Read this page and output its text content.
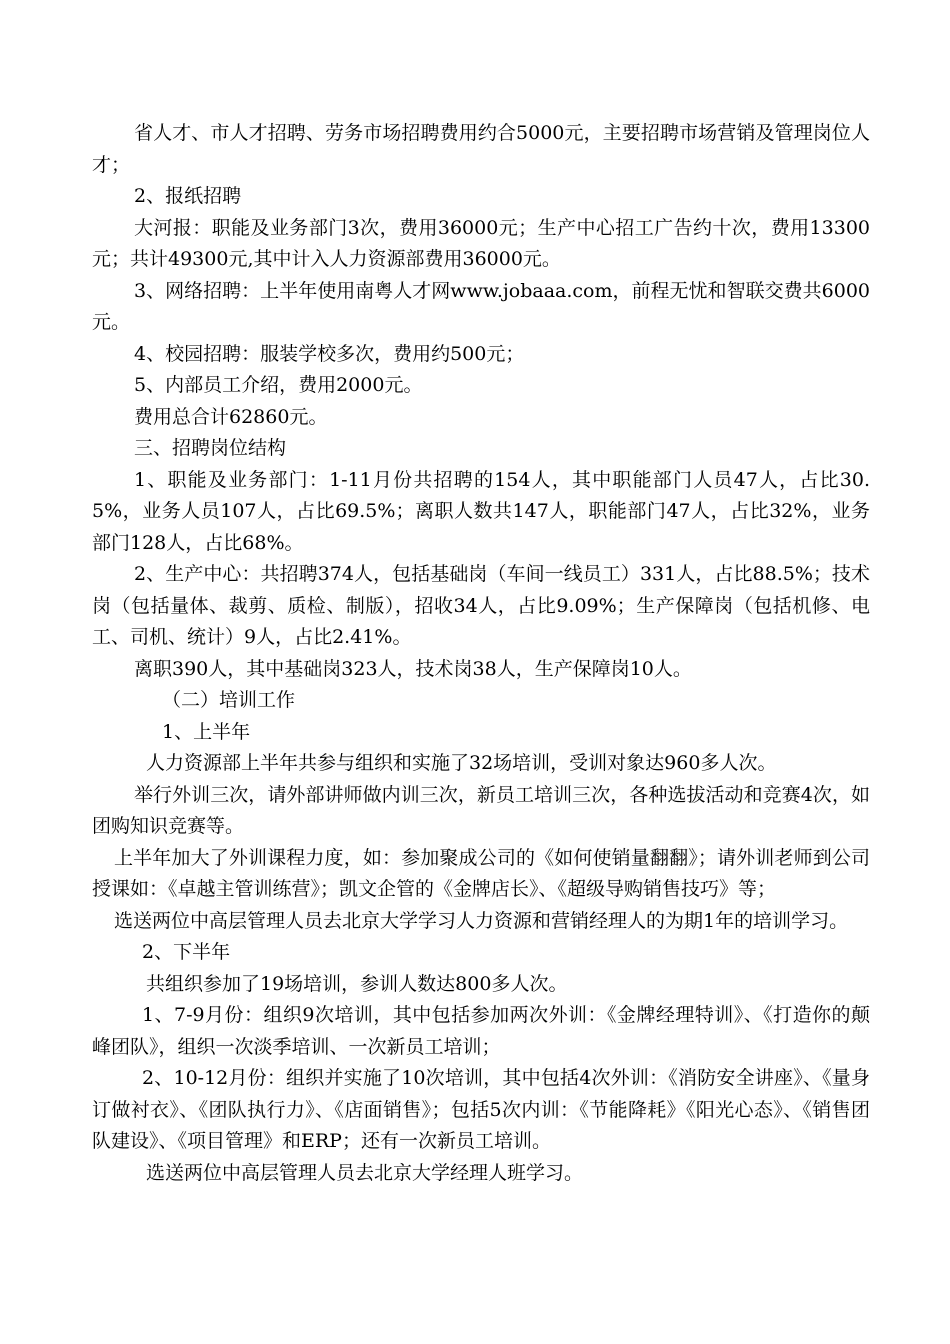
省人才、市人才招聘、劳务市场招聘费用约合5000元，主要招聘市场营销及管理岗位人才；

2、报纸招聘

大河报：职能及业务部门3次，费用36000元；生产中心招工广告约十次，费用13300元；共计49300元,其中计入人力资源部费用36000元。

3、网络招聘：上半年使用南粤人才网www.jobaaa.com，前程无忧和智联交费共6000元。

4、校园招聘：服装学校多次，费用约500元；

5、内部员工介绍，费用2000元。

费用总合计62860元。

三、招聘岗位结构

1、职能及业务部门：1-11月份共招聘的154人，其中职能部门人员47人，占比30.5%，业务人员107人，占比69.5%；离职人数共147人，职能部门47人，占比32%，业务部门128人，占比68%。

2、生产中心：共招聘374人，包括基础岗（车间一线员工）331人，占比88.5%；技术岗（包括量体、裁剪、质检、制版），招收34人，占比9.09%；生产保障岗（包括机修、电工、司机、统计）9人，占比2.41%。

离职390人，其中基础岗323人，技术岗38人，生产保障岗10人。

（二）培训工作

1、上半年

人力资源部上半年共参与组织和实施了32场培训，受训对象达960多人次。

举行外训三次，请外部讲师做内训三次，新员工培训三次，各种选拔活动和竞赛4次，如团购知识竞赛等。

上半年加大了外训课程力度，如：参加聚成公司的《如何使销量翻翻》；请外训老师到公司授课如：《卓越主管训练营》；凯文企管的《金牌店长》、《超级导购销售技巧》等；

选送两位中高层管理人员去北京大学学习人力资源和营销经理人的为期1年的培训学习。

2、下半年

共组织参加了19场培训，参训人数达800多人次。

1、7-9月份：组织9次培训，其中包括参加两次外训：《金牌经理特训》、《打造你的颠峰团队》，组织一次淡季培训、一次新员工培训；

2、10-12月份：组织并实施了10次培训，其中包括4次外训：《消防安全讲座》、《量身订做衬衣》、《团队执行力》、《店面销售》；包括5次内训：《节能降耗》《阳光心态》、《销售团队建设》、《项目管理》和ERP；还有一次新员工培训。

选送两位中高层管理人员去北京大学经理人班学习。
